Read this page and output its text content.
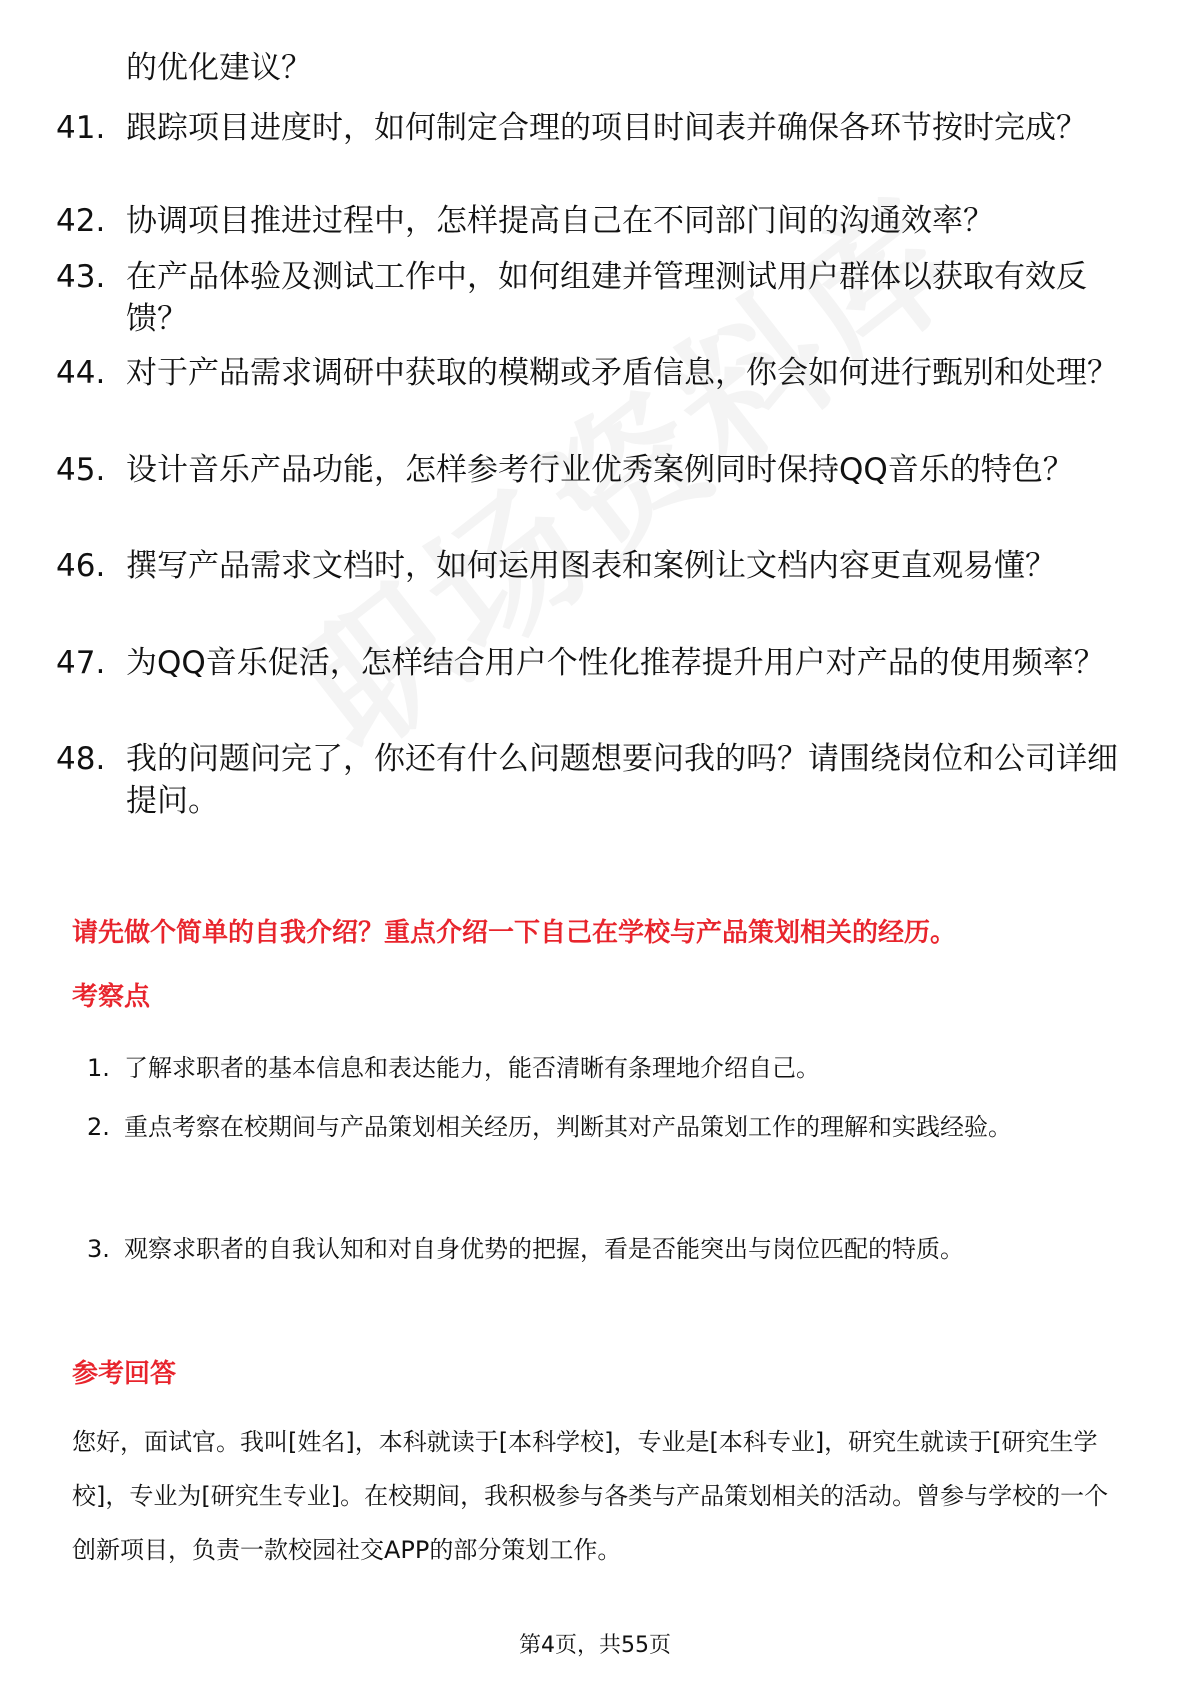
的优化建议？
41. 跟踪项目进度时，如何制定合理的项目时间表并确保各环节按时完成？
42. 协调项目推进过程中，怎样提高自己在不同部门间的沟通效率？
43. 在产品体验及测试工作中，如何组建并管理测试用户群体以获取有效反馈？
44. 对于产品需求调研中获取的模糊或矛盾信息，你会如何进行甄别和处理？
45. 设计音乐产品功能，怎样参考行业优秀案例同时保持QQ音乐的特色？
46. 撰写产品需求文档时，如何运用图表和案例让文档内容更直观易懂？
47. 为QQ音乐促活，怎样结合用户个性化推荐提升用户对产品的使用频率？
48. 我的问题问完了，你还有什么问题想要问我的吗？请围绕岗位和公司详细提问。
请先做个简单的自我介绍？重点介绍一下自己在学校与产品策划相关的经历。
考察点
1. 了解求职者的基本信息和表达能力，能否清晰有条理地介绍自己。
2. 重点考察在校期间与产品策划相关经历，判断其对产品策划工作的理解和实践经验。
3. 观察求职者的自我认知和对自身优势的把握，看是否能突出与岗位匹配的特质。
参考回答
您好，面试官。我叫[姓名]，本科就读于[本科学校]，专业是[本科专业]，研究生就读于[研究生学校]，专业为[研究生专业]。在校期间，我积极参与各类与产品策划相关的活动。曾参与学校的一个创新项目，负责一款校园社交APP的部分策划工作。
第4页，共55页
